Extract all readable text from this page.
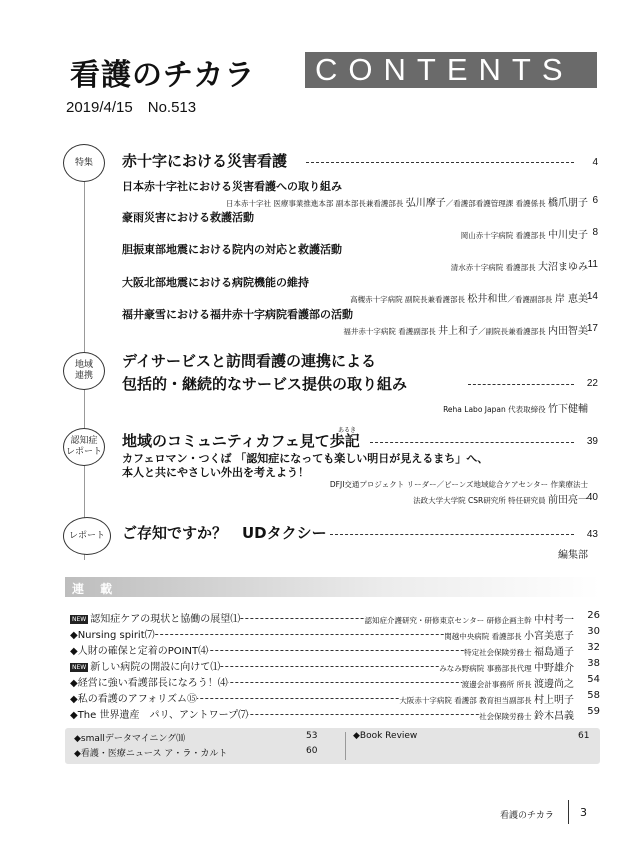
看護のチカラ	CONTENTS
2019/4/15　No.513
特集 赤十字における災害看護	4
日本赤十字社における災害看護への取り組み
日本赤十字社 医療事業推進本部 副本部長兼看護部長 弘川摩子／看護部看護管理課 看護係長 橋爪朋子 6
豪雨災害における救護活動
岡山赤十字病院 看護部長 中川史子 8
胆振東部地震における院内の対応と救護活動
清水赤十字病院 看護部長 大沼まゆみ 11
大阪北部地震における病院機能の維持
高槻赤十字病院 副院長兼看護部長 松井和世／看護副部長 岸 恵美
14
福井豪雪における福井赤十字病院看護部の活動
福井赤十字病院 看護副部長 井上和子／副院長兼看護部長 内田智美
17
地域
連携
デイサービスと訪問看護の連携による
包括的・継続的なサービス提供の取り組み	22
Reha Labo Japan 代表取締役 竹下健輔
認知症
レポート
あるき
地域のコミュニティカフェ見て歩記	39
カフェロマン・つくば 「認知症になっても楽しい明日が見えるまち」へ、
本人と共にやさしい外出を考えよう！
DFJI交通プロジェクト リーダー／ビーンズ地域総合ケアセンター 作業療法士
法政大学大学院 CSR研究所 特任研究員 前田亮一
40
レポート ご存知ですか？　UDタクシー	43
編集部
連 載
NEW 認知症ケアの現状と協働の展望⑴	認知症介護研究・研修東京センター 研修企画主幹 中村考一 26
◆Nursing spirit⑺	関越中央病院 看護部長 小宮美恵子 30
◆人財の確保と定着のPOINT⑷	特定社会保険労務士 福島通子 32
NEW 新しい病院の開設に向けて⑴	みなみ野病院 事務部長代理 中野雄介 38
◆経営に強い看護部長になろう！⑷	渡邊会計事務所 所長 渡邊尚之 54
◆私の看護のアフォリズム⑮	大阪赤十字病院 看護部 教育担当副部長 村上明子 58
◆The 世界遺産　パリ、アントワープ⑺	社会保険労務士 鈴木昌義 59
◆smallデータマイニング⑽	53
◆看護・医療ニュース ア・ラ・カルト	60
◆Book Review	61
看護のチカラ 3
